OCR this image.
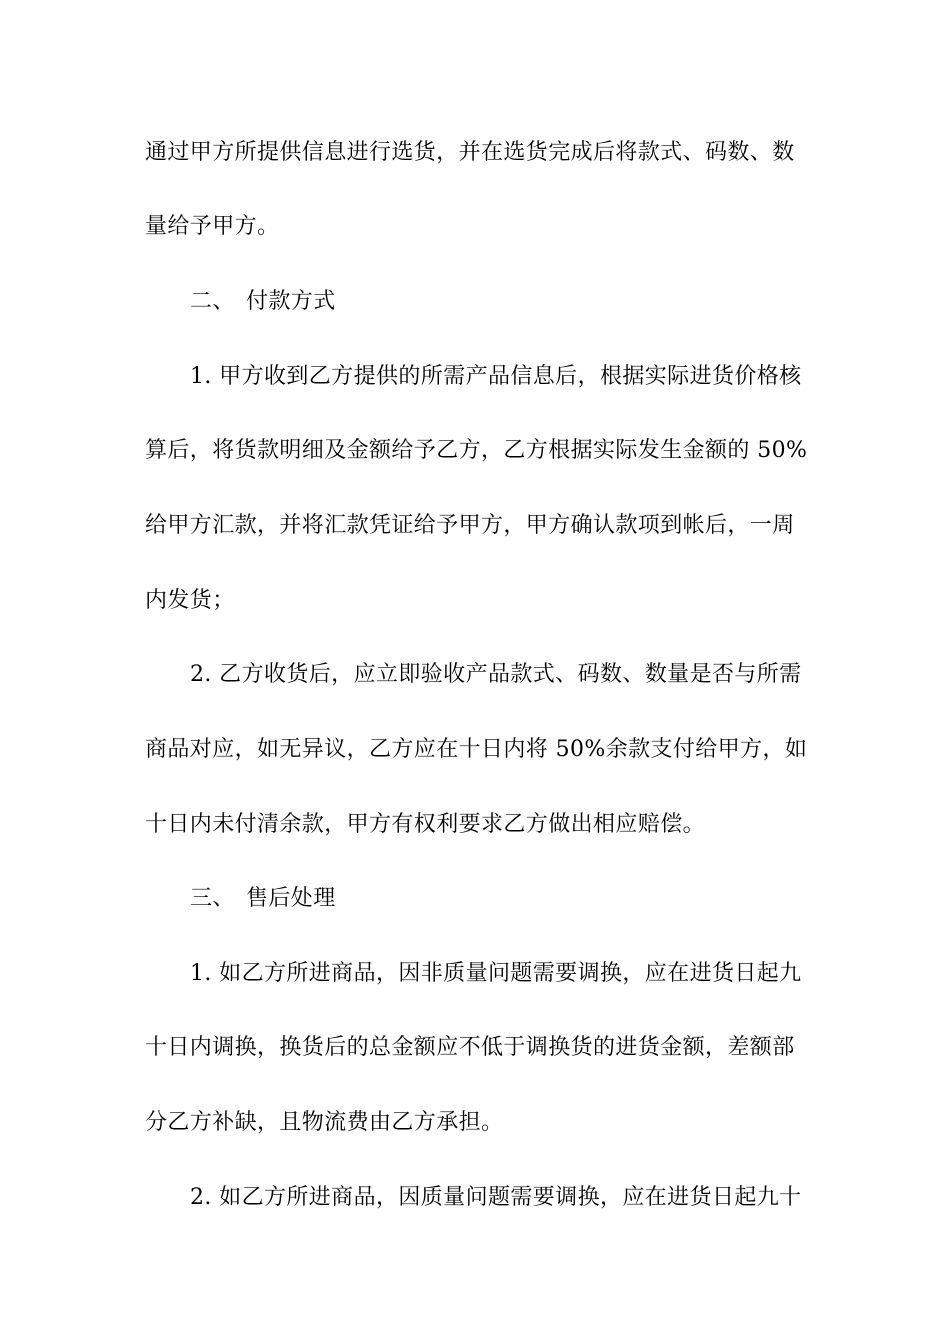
通过甲方所提供信息进行选货，并在选货完成后将款式、码数、数
量给予甲方。
二、 付款方式
1. 甲方收到乙方提供的所需产品信息后，根据实际进货价格核
算后，将货款明细及金额给予乙方，乙方根据实际发生金额的 50%
给甲方汇款，并将汇款凭证给予甲方，甲方确认款项到帐后，一周
内发货；
2. 乙方收货后，应立即验收产品款式、码数、数量是否与所需
商品对应，如无异议，乙方应在十日内将 50%余款支付给甲方，如
十日内未付清余款，甲方有权利要求乙方做出相应赔偿。
三、 售后处理
1. 如乙方所进商品，因非质量问题需要调换，应在进货日起九
十日内调换，换货后的总金额应不低于调换货的进货金额，差额部
分乙方补缺，且物流费由乙方承担。
2. 如乙方所进商品，因质量问题需要调换，应在进货日起九十
